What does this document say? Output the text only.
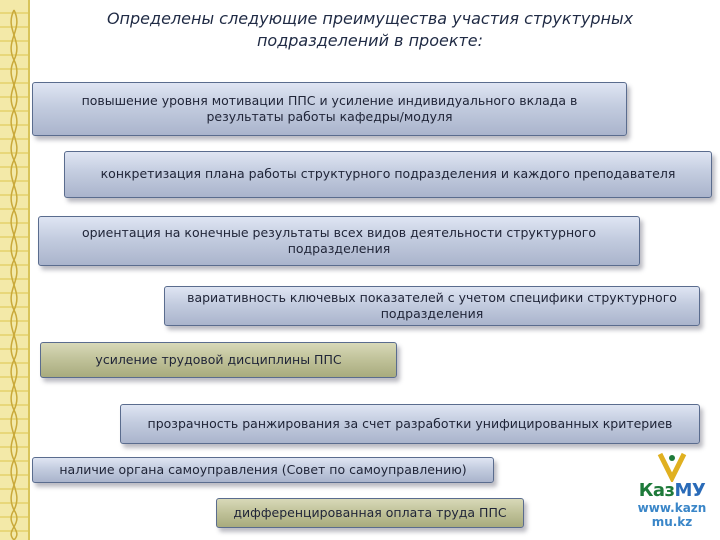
Определены следующие преимущества участия структурных
подразделений в проекте:
повышение уровня мотивации ППС и усиление индивидуального вклада в
результаты работы кафедры/модуля
конкретизация плана работы структурного подразделения и каждого преподавателя
ориентация на конечные результаты всех видов деятельности структурного
подразделения
вариативность ключевых показателей с учетом специфики структурного
подразделения
усиление трудовой дисциплины ППС
прозрачность ранжирования за счет разработки унифицированных критериев
наличие органа самоуправления (Совет по самоуправлению)
дифференцированная оплата труда ППС
КазМУ
www.kazn
mu.kz
